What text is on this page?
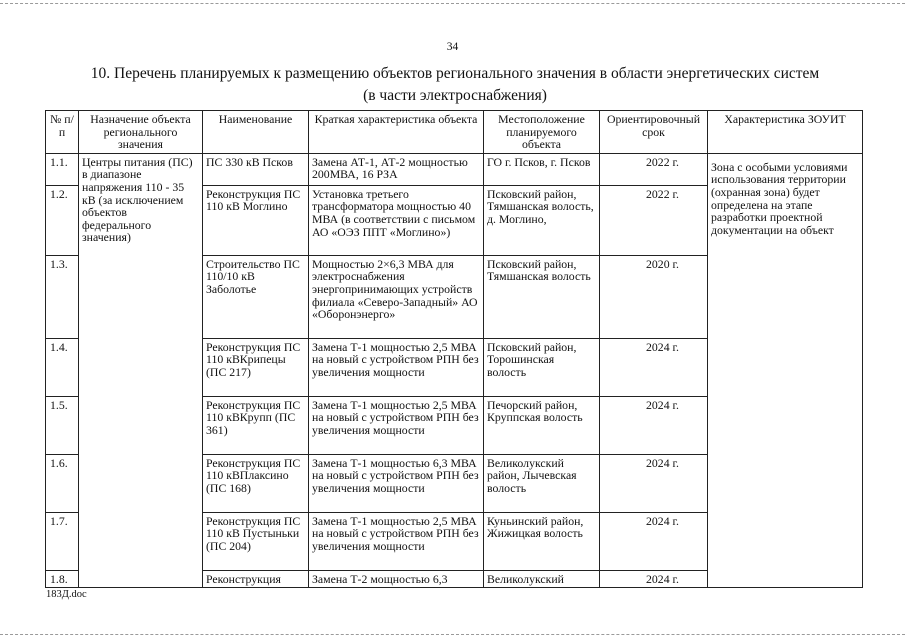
34
10. Перечень планируемых к размещению объектов регионального значения в области энергетических систем
(в части электроснабжения)
№ п/п	Назначение объекта регионального значения	Наименование	Краткая характеристика объекта	Местоположение планируемого объекта	Ориентировочный срок	Характеристика ЗОУИТ
1.1.	Центры питания (ПС) в диапазоне напряжения 110 - 35 кВ (за исключением объектов федерального значения)	ПС 330 кВ Псков	Замена АТ-1, АТ-2 мощностью 200МВА, 16 РЗА	ГО г. Псков, г. Псков	2022 г.	Зона с особыми условиями использования территории (охранная зона) будет определена на этапе разработки проектной документации на объект
1.2.		Реконструкция ПС 110 кВ Моглино	Установка третьего трансформатора мощностью 40 МВА (в соответствии с письмом АО «ОЭЗ ППТ «Моглино»)	Псковский район, Тямшанская волость, д. Моглино,	2022 г.	
1.3.		Строительство ПС 110/10 кВ Заболотье	Мощностью 2×6,3 МВА для электроснабжения энергопринимающих устройств филиала «Северо-Западный» АО «Оборонэнерго»	Псковский район, Тямшанская волость	2020 г.	
1.4.		Реконструкция ПС 110 кВКрипецы (ПС 217)	Замена Т-1 мощностью 2,5 МВА на новый с устройством РПН без увеличения мощности	Псковский район, Торошинская волость	2024 г.	
1.5.		Реконструкция ПС 110 кВКрупп (ПС 361)	Замена Т-1 мощностью 2,5 МВА на новый с устройством РПН без увеличения мощности	Печорский район, Круппская волость	2024 г.	
1.6.		Реконструкция ПС 110 кВПлаксино (ПС 168)	Замена Т-1 мощностью 6,3 МВА на новый с устройством РПН без увеличения мощности	Великолукский район, Лычевская волость	2024 г.	
1.7.		Реконструкция ПС 110 кВ Пустыньки (ПС 204)	Замена Т-1 мощностью 2,5 МВА на новый с устройством РПН без увеличения мощности	Куньинский район, Жижицкая волость	2024 г.	
1.8.		Реконструкция	Замена Т-2 мощностью 6,3	Великолукский	2024 г.	
183Д.doc
